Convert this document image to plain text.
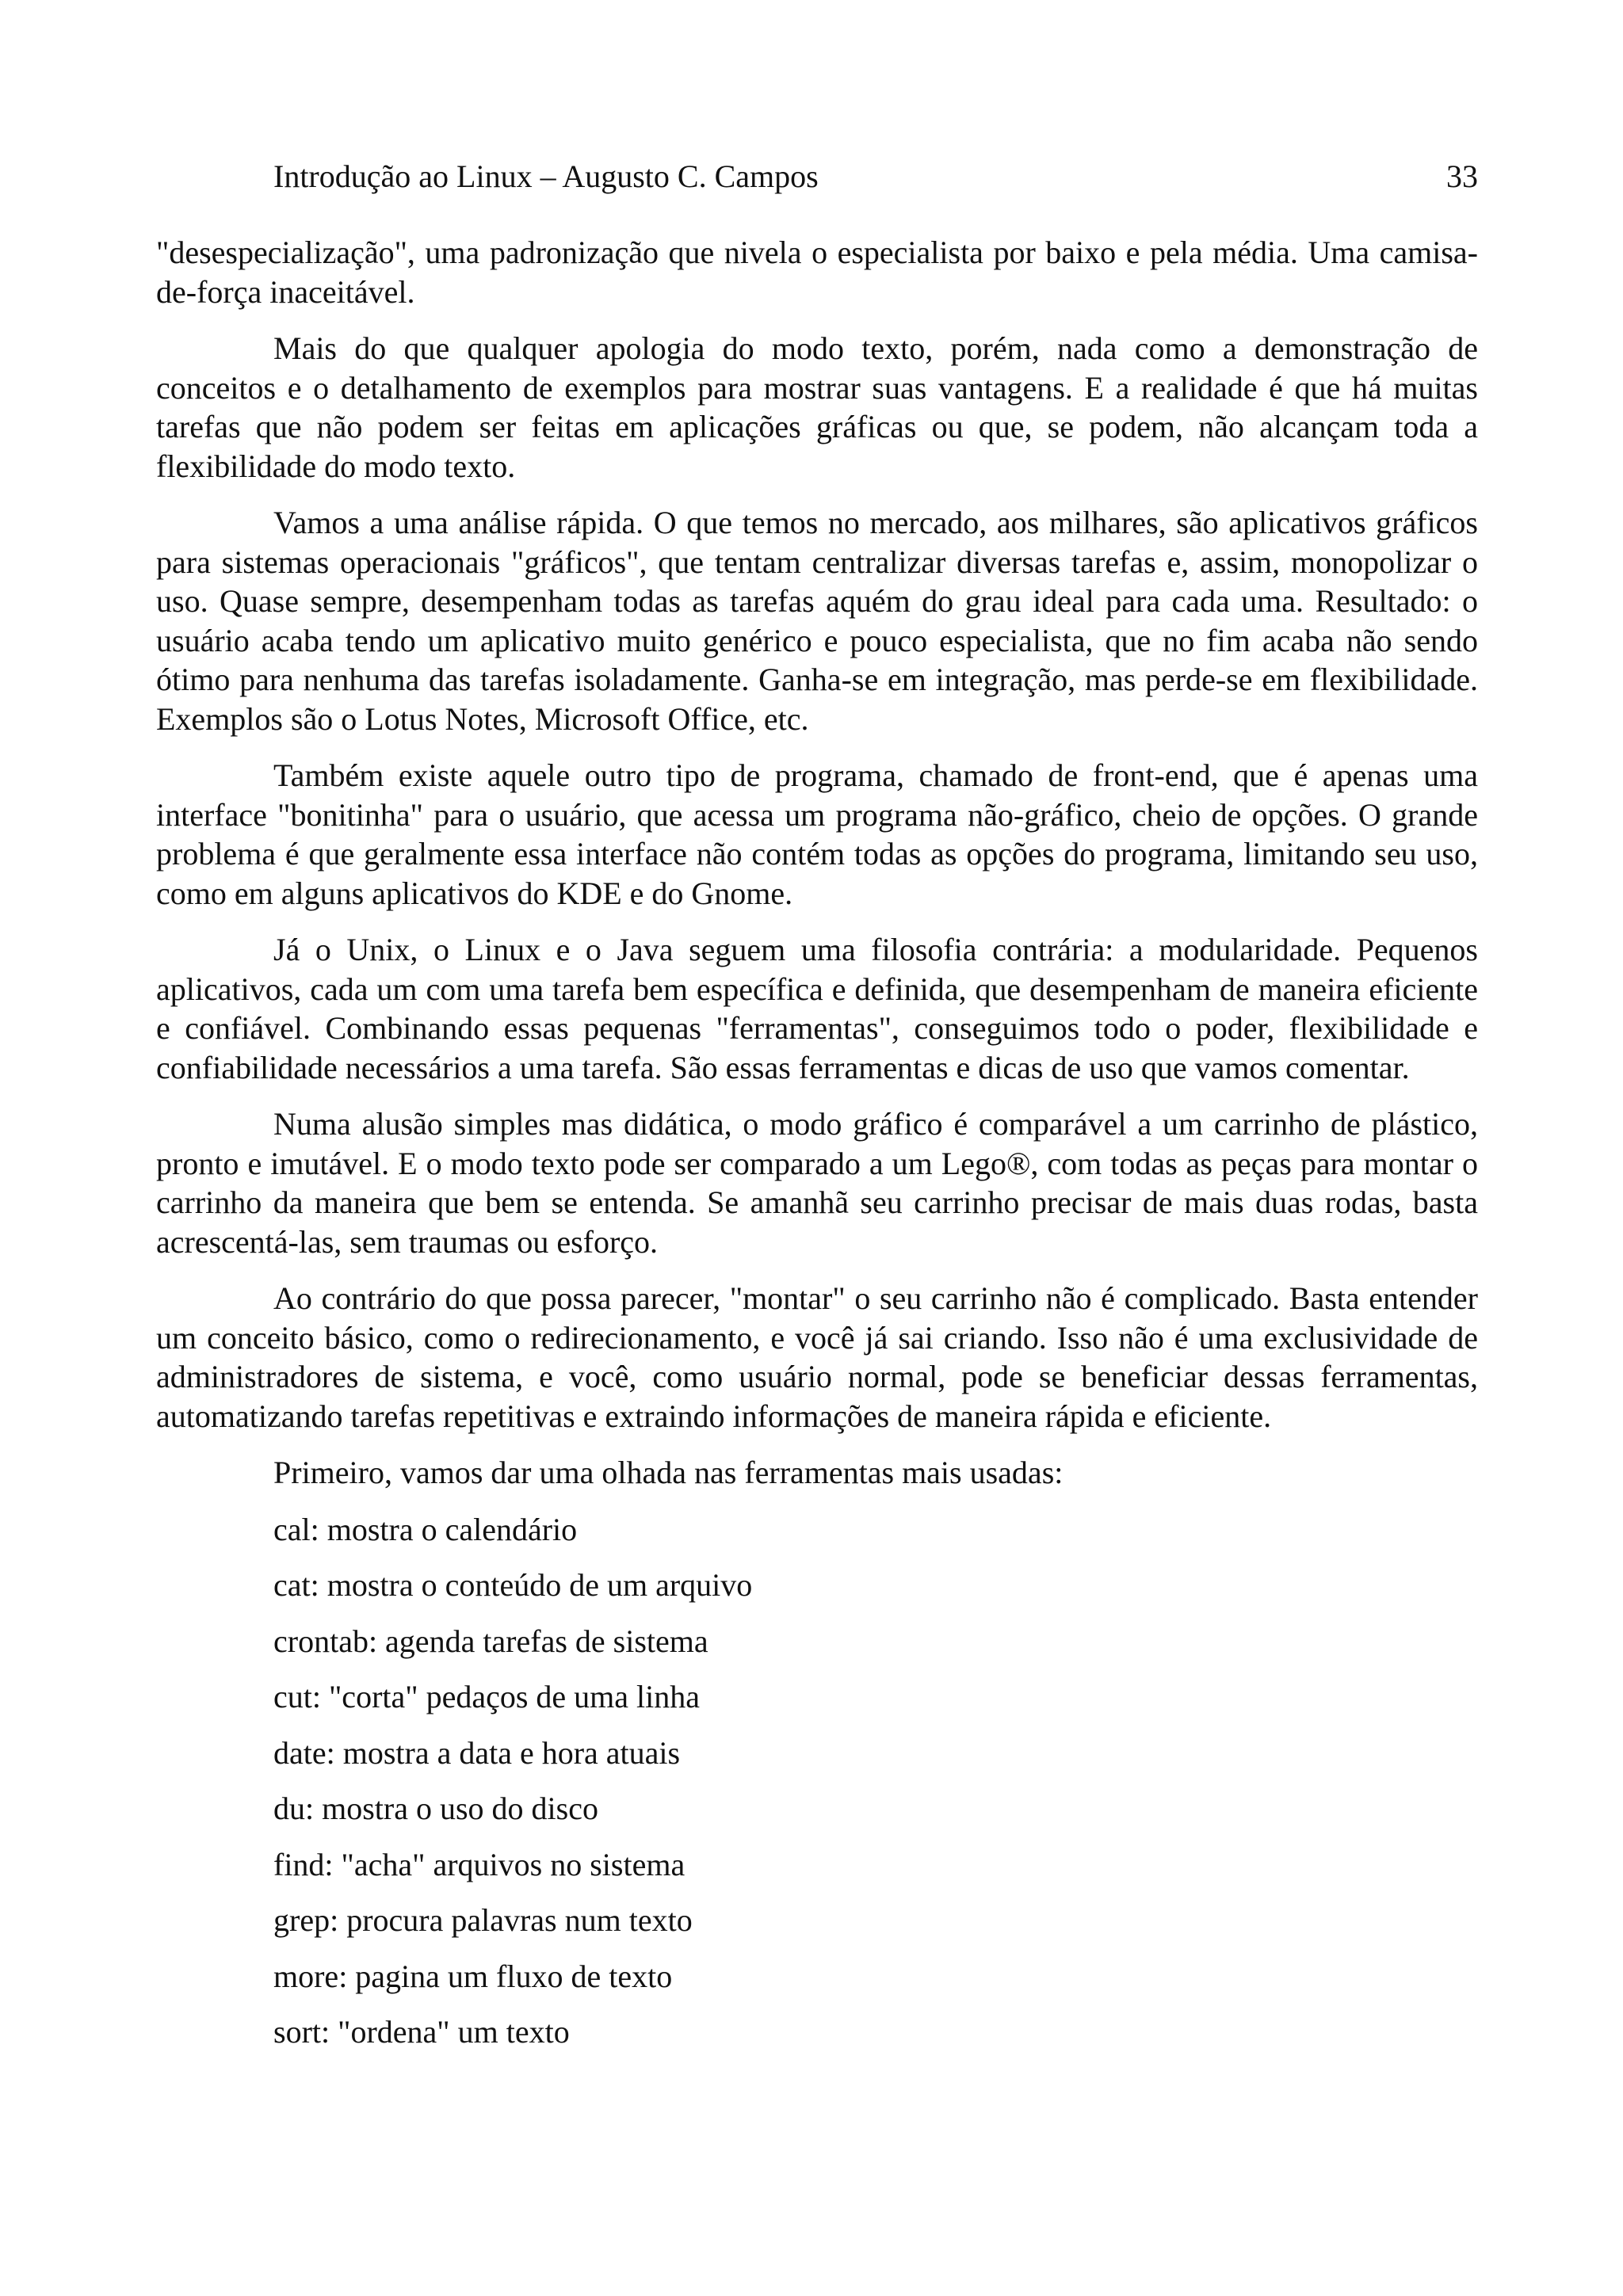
Introdução ao Linux – Augusto C. Campos	33

"desespecialização", uma padronização que nivela o especialista por baixo e pela média. Uma camisa-de-força inaceitável.

Mais do que qualquer apologia do modo texto, porém, nada como a demonstração de conceitos e o detalhamento de exemplos para mostrar suas vantagens. E a realidade é que há muitas tarefas que não podem ser feitas em aplicações gráficas ou que, se podem, não alcançam toda a flexibilidade do modo texto.

Vamos a uma análise rápida. O que temos no mercado, aos milhares, são aplicativos gráficos para sistemas operacionais "gráficos", que tentam centralizar diversas tarefas e, assim, monopolizar o uso. Quase sempre, desempenham todas as tarefas aquém do grau ideal para cada uma. Resultado: o usuário acaba tendo um aplicativo muito genérico e pouco especialista, que no fim acaba não sendo ótimo para nenhuma das tarefas isoladamente. Ganha-se em integração, mas perde-se em flexibilidade. Exemplos são o Lotus Notes, Microsoft Office, etc.

Também existe aquele outro tipo de programa, chamado de front-end, que é apenas uma interface "bonitinha" para o usuário, que acessa um programa não-gráfico, cheio de opções. O grande problema é que geralmente essa interface não contém todas as opções do programa, limitando seu uso, como em alguns aplicativos do KDE e do Gnome.

Já o Unix, o Linux e o Java seguem uma filosofia contrária: a modularidade. Pequenos aplicativos, cada um com uma tarefa bem específica e definida, que desempenham de maneira eficiente e confiável. Combinando essas pequenas "ferramentas", conseguimos todo o poder, flexibilidade e confiabilidade necessários a uma tarefa. São essas ferramentas e dicas de uso que vamos comentar.

Numa alusão simples mas didática, o modo gráfico é comparável a um carrinho de plástico, pronto e imutável. E o modo texto pode ser comparado a um Lego®, com todas as peças para montar o carrinho da maneira que bem se entenda. Se amanhã seu carrinho precisar de mais duas rodas, basta acrescentá-las, sem traumas ou esforço.

Ao contrário do que possa parecer, "montar" o seu carrinho não é complicado. Basta entender um conceito básico, como o redirecionamento, e você já sai criando. Isso não é uma exclusividade de administradores de sistema, e você, como usuário normal, pode se beneficiar dessas ferramentas, automatizando tarefas repetitivas e extraindo informações de maneira rápida e eficiente.

Primeiro, vamos dar uma olhada nas ferramentas mais usadas:

cal: mostra o calendário
cat: mostra o conteúdo de um arquivo
crontab: agenda tarefas de sistema
cut: "corta" pedaços de uma linha
date: mostra a data e hora atuais
du: mostra o uso do disco
find: "acha" arquivos no sistema
grep: procura palavras num texto
more: pagina um fluxo de texto
sort: "ordena" um texto
